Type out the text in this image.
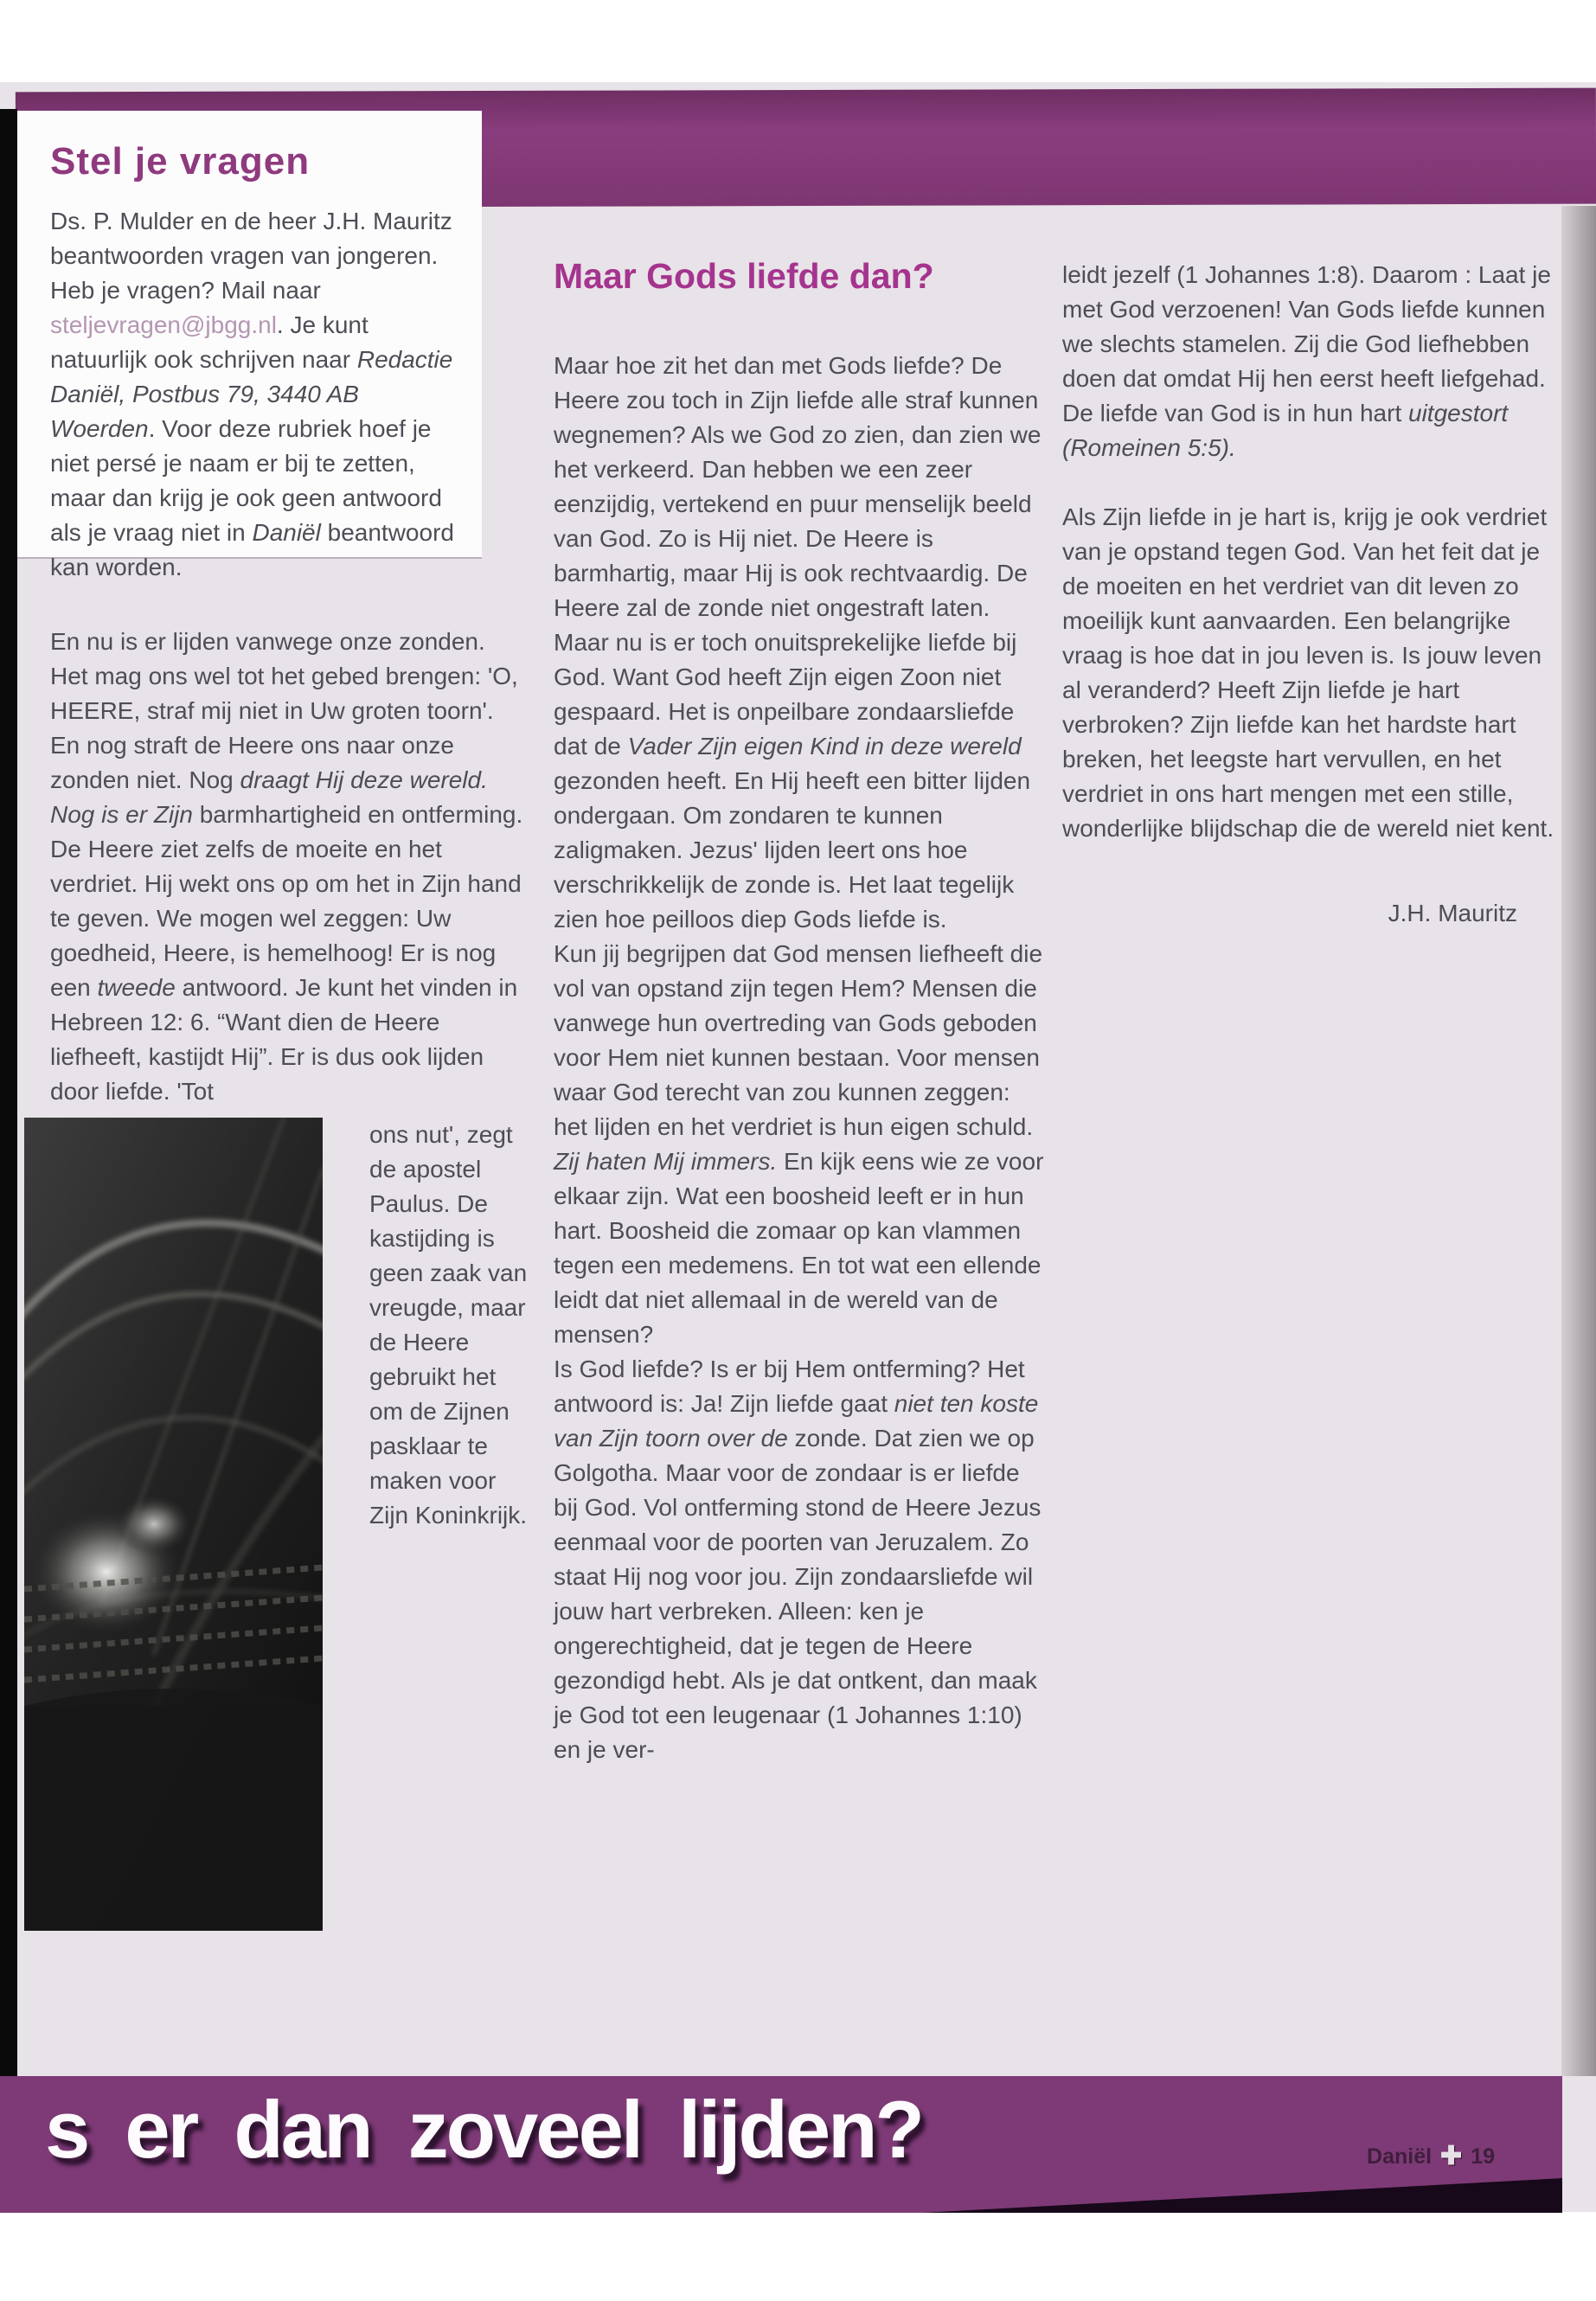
Stel je vragen

Ds. P. Mulder en de heer J.H. Mauritz beantwoorden vragen van jongeren. Heb je vragen? Mail naar steljevragen@jbgg.nl. Je kunt natuurlijk ook schrijven naar Redactie Daniël, Postbus 79, 3440 AB Woerden. Voor deze rubriek hoef je niet persé je naam er bij te zetten, maar dan krijg je ook geen antwoord als je vraag niet in Daniël beantwoord kan worden.

En nu is er lijden vanwege onze zonden. Het mag ons wel tot het gebed brengen: 'O, HEERE, straf mij niet in Uw groten toorn'. En nog straft de Heere ons naar onze zonden niet. Nog draagt Hij deze wereld. Nog is er Zijn barmhartigheid en ontferming. De Heere ziet zelfs de moeite en het verdriet. Hij wekt ons op om het in Zijn hand te geven. We mogen wel zeggen: Uw goedheid, Heere, is hemelhoog! Er is nog een tweede antwoord. Je kunt het vinden in Hebreen 12: 6. “Want dien de Heere liefheeft, kastijdt Hij”. Er is dus ook lijden door liefde. 'Tot

ons nut', zegt de apostel Paulus. De kastijding is geen zaak van vreugde, maar de Heere gebruikt het om de Zijnen pasklaar te maken voor Zijn Koninkrijk.

Maar Gods liefde dan?

Maar hoe zit het dan met Gods liefde? De Heere zou toch in Zijn liefde alle straf kunnen wegnemen? Als we God zo zien, dan zien we het verkeerd. Dan hebben we een zeer eenzijdig, vertekend en puur menselijk beeld van God. Zo is Hij niet. De Heere is barmhartig, maar Hij is ook rechtvaardig. De Heere zal de zonde niet ongestraft laten. Maar nu is er toch onuitsprekelijke liefde bij God. Want God heeft Zijn eigen Zoon niet gespaard. Het is onpeilbare zondaarsliefde dat de Vader Zijn eigen Kind in deze wereld gezonden heeft. En Hij heeft een bitter lijden ondergaan. Om zondaren te kunnen zaligmaken. Jezus' lijden leert ons hoe verschrikkelijk de zonde is. Het laat tegelijk zien hoe peilloos diep Gods liefde is.

Kun jij begrijpen dat God mensen liefheeft die vol van opstand zijn tegen Hem? Mensen die vanwege hun overtreding van Gods geboden voor Hem niet kunnen bestaan. Voor mensen waar God terecht van zou kunnen zeggen: het lijden en het verdriet is hun eigen schuld. Zij haten Mij immers. En kijk eens wie ze voor elkaar zijn. Wat een boosheid leeft er in hun hart. Boosheid die zomaar op kan vlammen tegen een medemens. En tot wat een ellende leidt dat niet allemaal in de wereld van de mensen?

Is God liefde? Is er bij Hem ontferming? Het antwoord is: Ja! Zijn liefde gaat niet ten koste van Zijn toorn over de zonde. Dat zien we op Golgotha. Maar voor de zondaar is er liefde bij God. Vol ontferming stond de Heere Jezus eenmaal voor de poorten van Jeruzalem. Zo staat Hij nog voor jou. Zijn zondaarsliefde wil jouw hart verbreken. Alleen: ken je ongerechtigheid, dat je tegen de Heere gezondigd hebt. Als je dat ontkent, dan maak je God tot een leugenaar (1 Johannes 1:10) en je ver-

leidt jezelf (1 Johannes 1:8). Daarom : Laat je met God verzoenen! Van Gods liefde kunnen we slechts stamelen. Zij die God liefhebben doen dat omdat Hij hen eerst heeft liefgehad. De liefde van God is in hun hart uitgestort (Romeinen 5:5).

Als Zijn liefde in je hart is, krijg je ook verdriet van je opstand tegen God. Van het feit dat je de moeiten en het verdriet van dit leven zo moeilijk kunt aanvaarden. Een belangrijke vraag is hoe dat in jou leven is. Is jouw leven al veranderd? Heeft Zijn liefde je hart verbroken? Zijn liefde kan het hardste hart breken, het leegste hart vervullen, en het verdriet in ons hart mengen met een stille, wonderlijke blijdschap die de wereld niet kent.

J.H. Mauritz
s er dan zoveel lijden?	Daniël ✚ 19
